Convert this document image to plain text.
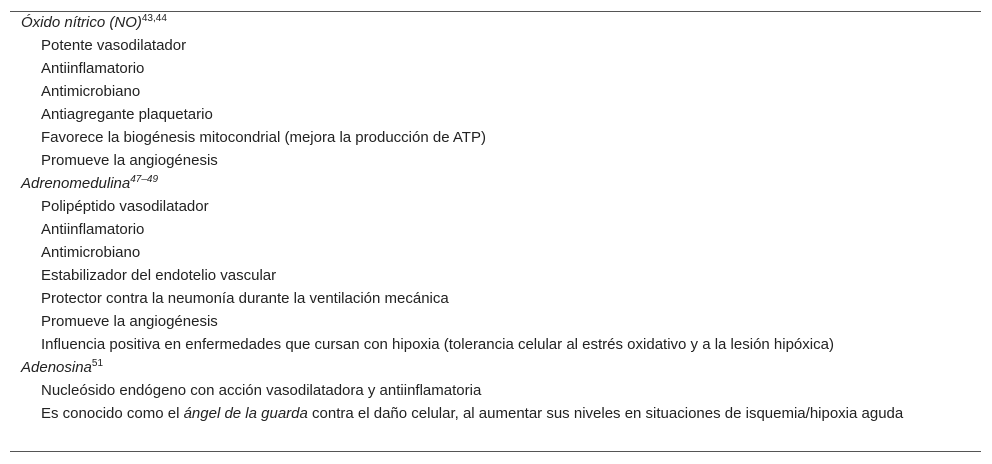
Óxido nítrico (NO)$^{43,44}$
Potente vasodilatador
Antiinflamatorio
Antimicrobiano
Antiagregante plaquetario
Favorece la biogénesis mitocondrial (mejora la producción de ATP)
Promueve la angiogénesis
Adrenomedulina$^{47-49}$
Polipéptido vasodilatador
Antiinflamatorio
Antimicrobiano
Estabilizador del endotelio vascular
Protector contra la neumonía durante la ventilación mecánica
Promueve la angiogénesis
Influencia positiva en enfermedades que cursan con hipoxia (tolerancia celular al estrés oxidativo y a la lesión hipóxica)
Adenosina$^{51}$
Nucleósido endógeno con acción vasodilatadora y antiinflamatoria
Es conocido como el ángel de la guarda contra el daño celular, al aumentar sus niveles en situaciones de isquemia/hipoxia aguda
